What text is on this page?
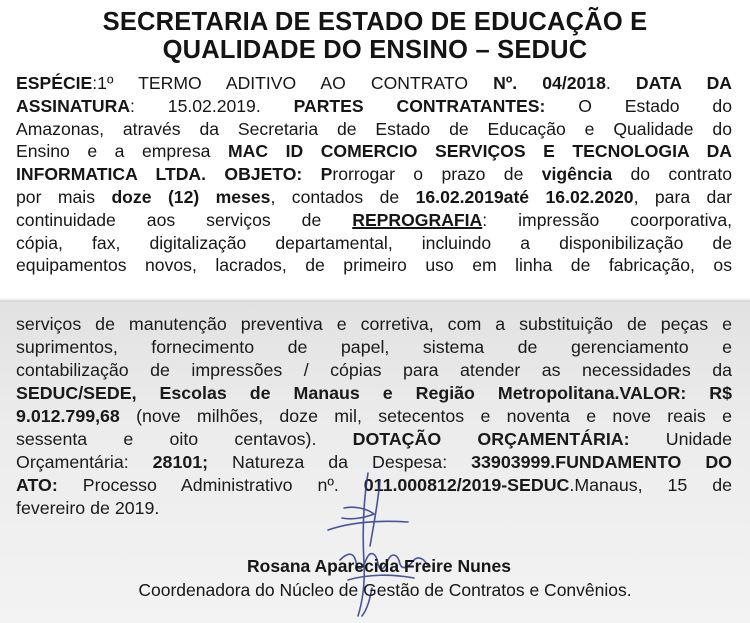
SECRETARIA DE ESTADO DE EDUCAÇÃO E
QUALIDADE DO ENSINO – SEDUC
ESPÉCIE:1º TERMO ADITIVO AO CONTRATO Nº. 04/2018. DATA DA
ASSINATURA: 15.02.2019. PARTES CONTRATANTES: O Estado do
Amazonas, através da Secretaria de Estado de Educação e Qualidade do
Ensino e a empresa MAC ID COMERCIO SERVIÇOS E TECNOLOGIA DA
INFORMATICA LTDA. OBJETO: Prorrogar o prazo de vigência do contrato
por mais doze (12) meses, contados de 16.02.2019até 16.02.2020, para dar
continuidade aos serviços de REPROGRAFIA: impressão coorporativa,
cópia, fax, digitalização departamental, incluindo a disponibilização de
equipamentos novos, lacrados, de primeiro uso em linha de fabricação, os
serviços de manutenção preventiva e corretiva, com a substituição de peças e
suprimentos, fornecimento de papel, sistema de gerenciamento e
contabilização de impressões / cópias para atender as necessidades da
SEDUC/SEDE, Escolas de Manaus e Região Metropolitana.VALOR: R$
9.012.799,68 (nove milhões, doze mil, setecentos e noventa e nove reais e
sessenta e oito centavos). DOTAÇÃO ORÇAMENTÁRIA: Unidade
Orçamentária: 28101; Natureza da Despesa: 33903999.FUNDAMENTO DO
ATO: Processo Administrativo nº. 011.000812/2019-SEDUC.Manaus, 15 de
fevereiro de 2019.

Rosana Aparecida Freire Nunes

Coordenadora do Núcleo de Gestão de Contratos e Convênios.
